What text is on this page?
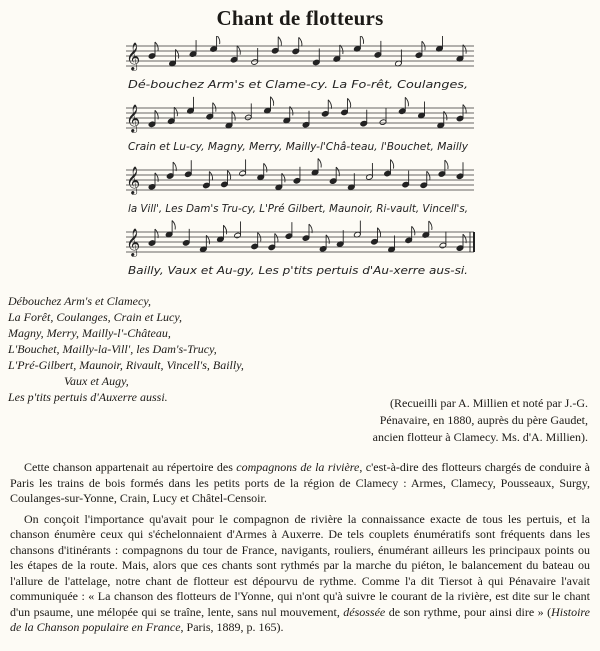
Chant de flotteurs
𝄞
Dé-bouchez Arm's et Clame-cy. La Fo-rêt, Coulanges,
𝄞
Crain et Lu-cy, Magny, Merry, Mailly-l'Châ-teau, l'Bouchet, Mailly
𝄞
la Vill', Les Dam's Tru-cy, L'Pré Gilbert, Maunoir, Ri-vault, Vincell's,
𝄞
Bailly, Vaux et Au-gy, Les p'tits pertuis d'Au-xerre aus-si.
Débouchez Arm's et Clamecy,
La Forêt, Coulanges, Crain et Lucy,
Magny, Merry, Mailly-l'-Château,
L'Bouchet, Mailly-la-Vill', les Dam's-Trucy,
L'Pré-Gilbert, Maunoir, Rivault, Vincell's, Bailly,
Vaux et Augy,
Les p'tits pertuis d'Auxerre aussi.	(Recueilli par A. Millien et noté par J.-G.
Pénavaire, en 1880, auprès du père Gaudet,
ancien flotteur à Clamecy. Ms. d'A. Millien).

Cette chanson appartenait au répertoire des compagnons de la rivière, c'est-à-dire des flotteurs chargés de conduire à Paris les trains de bois formés dans les petits ports de la région de Clamecy : Armes, Clamecy, Pousseaux, Surgy, Coulanges-sur-Yonne, Crain, Lucy et Châtel-Censoir.

On conçoit l'importance qu'avait pour le compagnon de rivière la connaissance exacte de tous les pertuis, et la chanson énumère ceux qui s'échelonnaient d'Armes à Auxerre. De tels couplets énumératifs sont fréquents dans les chansons d'itinérants : compagnons du tour de France, navigants, rouliers, énumérant ailleurs les principaux points ou les étapes de la route. Mais, alors que ces chants sont rythmés par la marche du piéton, le balancement du bateau ou l'allure de l'attelage, notre chant de flotteur est dépourvu de rythme. Comme l'a dit Tiersot à qui Pénavaire l'avait communiquée : « La chanson des flotteurs de l'Yonne, qui n'ont qu'à suivre le courant de la rivière, est dite sur le chant d'un psaume, une mélopée qui se traîne, lente, sans nul mouvement, désossée de son rythme, pour ainsi dire » (Histoire de la Chanson populaire en France, Paris, 1889, p. 165).
